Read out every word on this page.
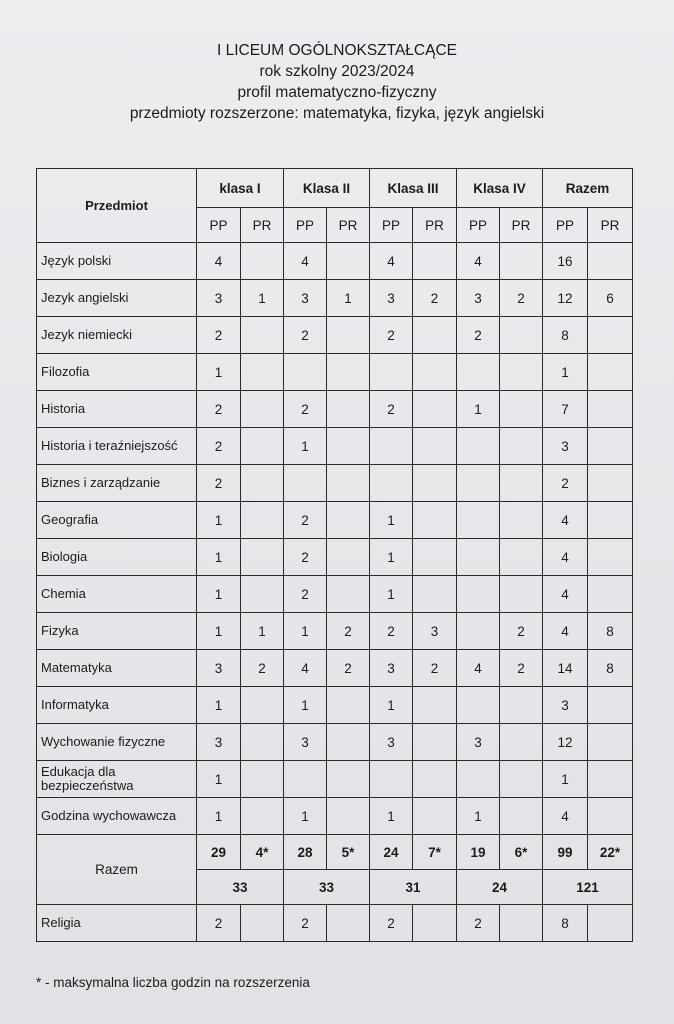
I LICEUM OGÓLNOKSZTAŁCĄCE
rok szkolny 2023/2024
profil matematyczno-fizyczny
przedmioty rozszerzone: matematyka, fizyka, język angielski
Przedmiot	klasa I		Klasa II		Klasa III		Klasa IV		Razem	
	PP	PR	PP	PR	PP	PR	PP	PR	PP	PR
Język polski	4		4		4		4		16	
Jezyk angielski	3	1	3	1	3	2	3	2	12	6
Jezyk niemiecki	2		2		2		2		8	
Filozofia	1								1	
Historia	2		2		2		1		7	
Historia i teraźniejszość	2		1						3	
Biznes i zarządzanie	2								2	
Geografia	1		2		1				4	
Biologia	1		2		1				4	
Chemia	1		2		1				4	
Fizyka	1	1	1	2	2	3		2	4	8
Matematyka	3	2	4	2	3	2	4	2	14	8
Informatyka	1		1		1				3	
Wychowanie fizyczne	3		3		3		3		12	
Edukacja dla bezpieczeństwa	1								1	
Godzina wychowawcza	1		1		1		1		4	
Razem	29	4*	28	5*	24	7*	19	6*	99	22*
	33		33		31		24		121	
Religia	2		2		2		2		8	
* - maksymalna liczba godzin na rozszerzenia
